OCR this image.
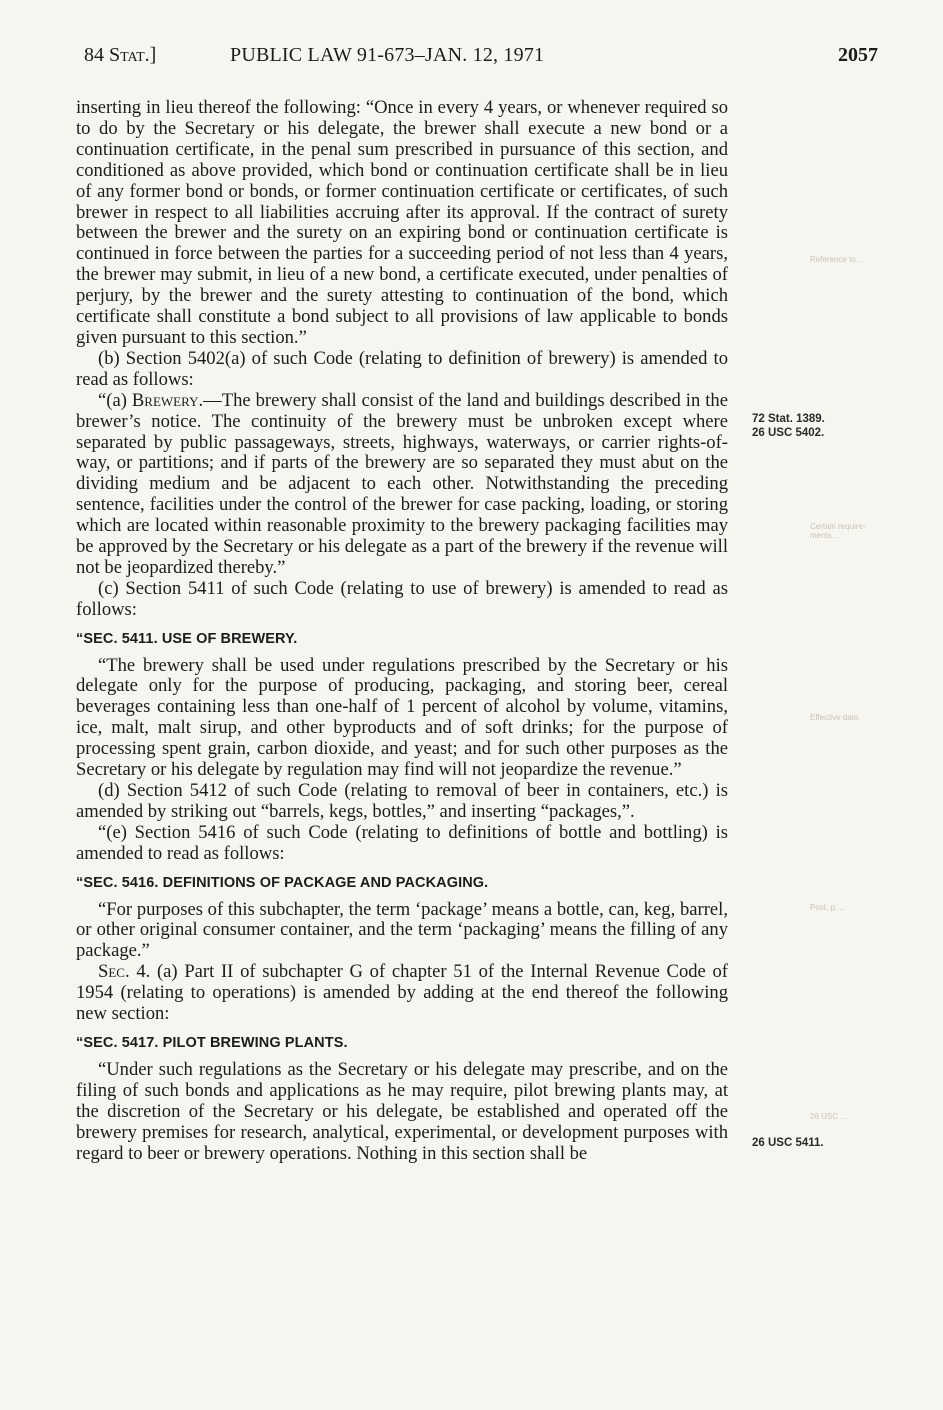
84 Stat.]	PUBLIC LAW 91-673–JAN. 12, 1971	2057

inserting in lieu thereof the following: “Once in every 4 years, or whenever required so to do by the Secretary or his delegate, the brewer shall execute a new bond or a continuation certificate, in the penal sum prescribed in pursuance of this section, and conditioned as above provided, which bond or continuation certificate shall be in lieu of any former bond or bonds, or former continuation certificate or certificates, of such brewer in respect to all liabilities accruing after its approval. If the contract of surety between the brewer and the surety on an expiring bond or continuation certificate is continued in force between the parties for a succeeding period of not less than 4 years, the brewer may submit, in lieu of a new bond, a certificate executed, under penalties of perjury, by the brewer and the surety attesting to continuation of the bond, which certificate shall constitute a bond subject to all provisions of law applicable to bonds given pursuant to this section.”

(b) Section 5402(a) of such Code (relating to definition of brewery) is amended to read as follows:

“(a) Brewery.—The brewery shall consist of the land and buildings described in the brewer’s notice. The continuity of the brewery must be unbroken except where separated by public passageways, streets, highways, waterways, or carrier rights-of-way, or partitions; and if parts of the brewery are so separated they must abut on the dividing medium and be adjacent to each other. Notwithstanding the preceding sentence, facilities under the control of the brewer for case packing, loading, or storing which are located within reasonable proximity to the brewery packaging facilities may be approved by the Secretary or his delegate as a part of the brewery if the revenue will not be jeopardized thereby.”

(c) Section 5411 of such Code (relating to use of brewery) is amended to read as follows:

“SEC. 5411. USE OF BREWERY.

“The brewery shall be used under regulations prescribed by the Secretary or his delegate only for the purpose of producing, packaging, and storing beer, cereal beverages containing less than one-half of 1 percent of alcohol by volume, vitamins, ice, malt, malt sirup, and other byproducts and of soft drinks; for the purpose of processing spent grain, carbon dioxide, and yeast; and for such other purposes as the Secretary or his delegate by regulation may find will not jeopardize the revenue.”

(d) Section 5412 of such Code (relating to removal of beer in containers, etc.) is amended by striking out “barrels, kegs, bottles,” and inserting “packages,”.

“(e) Section 5416 of such Code (relating to definitions of bottle and bottling) is amended to read as follows:

“SEC. 5416. DEFINITIONS OF PACKAGE AND PACKAGING.

“For purposes of this subchapter, the term ‘package’ means a bottle, can, keg, barrel, or other original consumer container, and the term ‘packaging’ means the filling of any package.”

Sec. 4. (a) Part II of subchapter G of chapter 51 of the Internal Revenue Code of 1954 (relating to operations) is amended by adding at the end thereof the following new section:

“SEC. 5417. PILOT BREWING PLANTS.

“Under such regulations as the Secretary or his delegate may prescribe, and on the filing of such bonds and applications as he may require, pilot brewing plants may, at the discretion of the Secretary or his delegate, be established and operated off the brewery premises for research, analytical, experimental, or development purposes with regard to beer or brewery operations. Nothing in this section shall be

72 Stat. 1389.
26 USC 5402.
26 USC 5411.
Reference to...
Certain require-
ments...
Effective date.
Post, p. ...
26 USC ...
